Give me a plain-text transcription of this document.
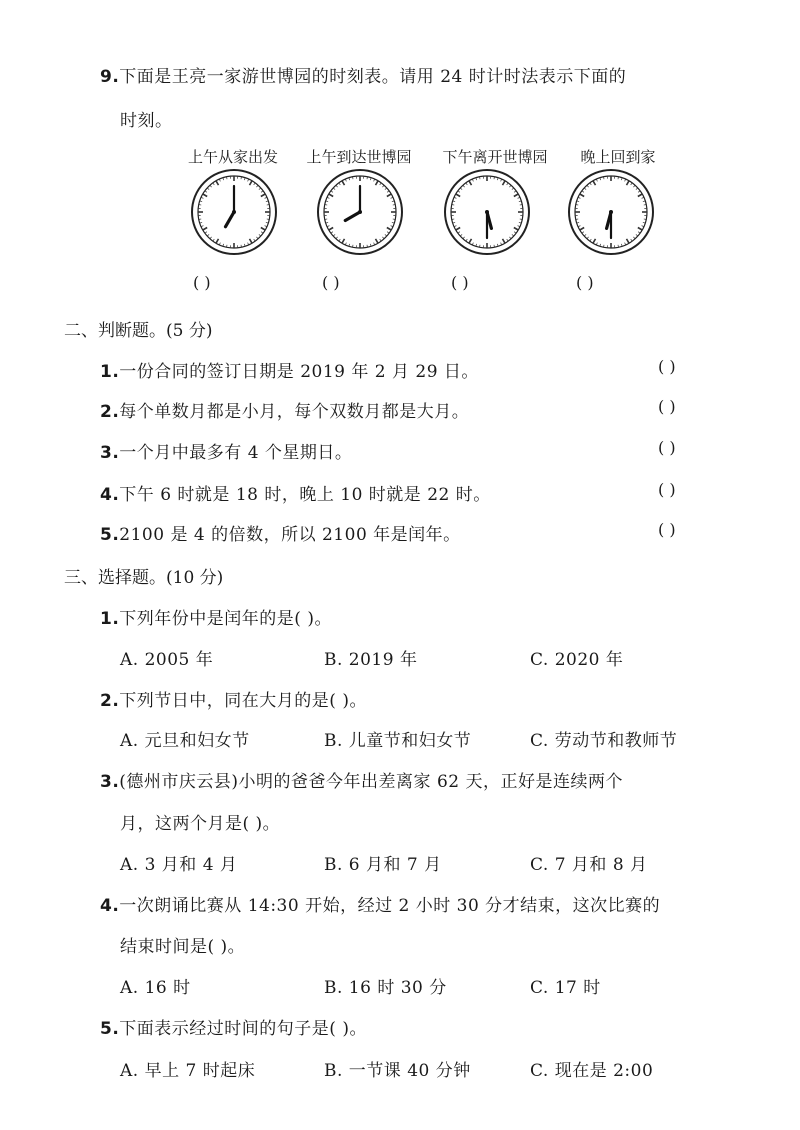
9.下面是王亮一家游世博园的时刻表。请用 24 时计时法表示下面的
时刻。
上午从家出发	上午到达世博园	下午离开世博园	晚上回到家
( )	( )	( )	( )
二、判断题。(5 分)
1.一份合同的签订日期是 2019 年 2 月 29 日。	( )
2.每个单数月都是小月，每个双数月都是大月。	( )
3.一个月中最多有 4 个星期日。	( )
4.下午 6 时就是 18 时，晚上 10 时就是 22 时。	( )
5.2100 是 4 的倍数，所以 2100 年是闰年。	( )
三、选择题。(10 分)
1.下列年份中是闰年的是( )。
A. 2005 年	B. 2019 年	C. 2020 年
2.下列节日中，同在大月的是( )。
A. 元旦和妇女节	B. 儿童节和妇女节	C. 劳动节和教师节
3.(德州市庆云县)小明的爸爸今年出差离家 62 天，正好是连续两个
月，这两个月是( )。
A. 3 月和 4 月	B. 6 月和 7 月	C. 7 月和 8 月
4.一次朗诵比赛从 14:30 开始，经过 2 小时 30 分才结束，这次比赛的
结束时间是( )。
A. 16 时	B. 16 时 30 分	C. 17 时
5.下面表示经过时间的句子是( )。
A. 早上 7 时起床	B. 一节课 40 分钟	C. 现在是 2:00
